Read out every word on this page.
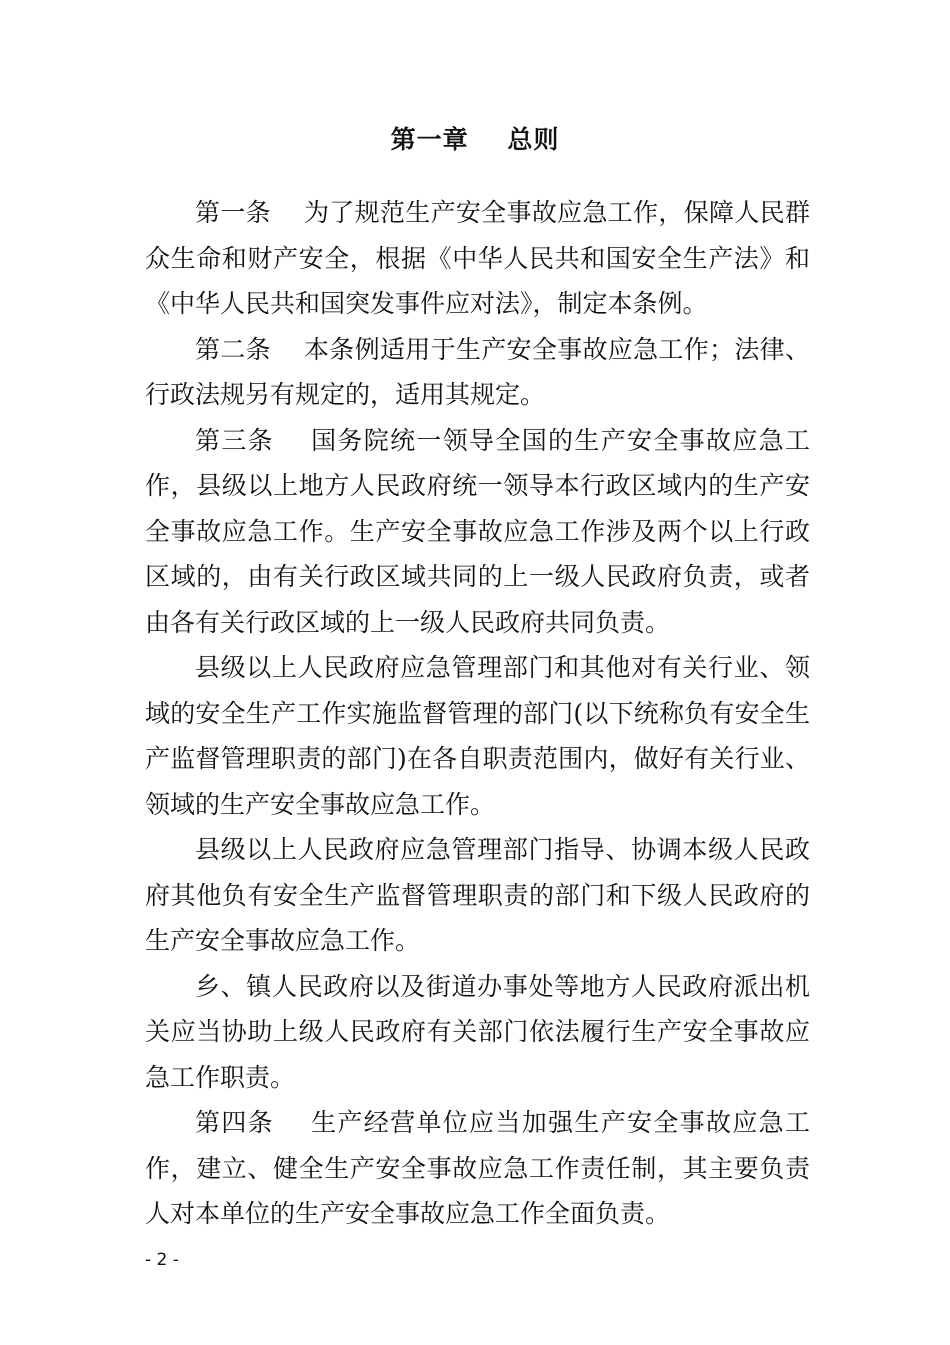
第一章    总则

第一条    为了规范生产安全事故应急工作，保障人民群众生命和财产安全，根据《中华人民共和国安全生产法》和《中华人民共和国突发事件应对法》，制定本条例。

第二条    本条例适用于生产安全事故应急工作；法律、行政法规另有规定的，适用其规定。

第三条    国务院统一领导全国的生产安全事故应急工作，县级以上地方人民政府统一领导本行政区域内的生产安全事故应急工作。生产安全事故应急工作涉及两个以上行政区域的，由有关行政区域共同的上一级人民政府负责，或者由各有关行政区域的上一级人民政府共同负责。

县级以上人民政府应急管理部门和其他对有关行业、领域的安全生产工作实施监督管理的部门(以下统称负有安全生产监督管理职责的部门)在各自职责范围内，做好有关行业、领域的生产安全事故应急工作。

县级以上人民政府应急管理部门指导、协调本级人民政府其他负有安全生产监督管理职责的部门和下级人民政府的生产安全事故应急工作。

乡、镇人民政府以及街道办事处等地方人民政府派出机关应当协助上级人民政府有关部门依法履行生产安全事故应急工作职责。

第四条    生产经营单位应当加强生产安全事故应急工作，建立、健全生产安全事故应急工作责任制，其主要负责人对本单位的生产安全事故应急工作全面负责。

- 2 -
